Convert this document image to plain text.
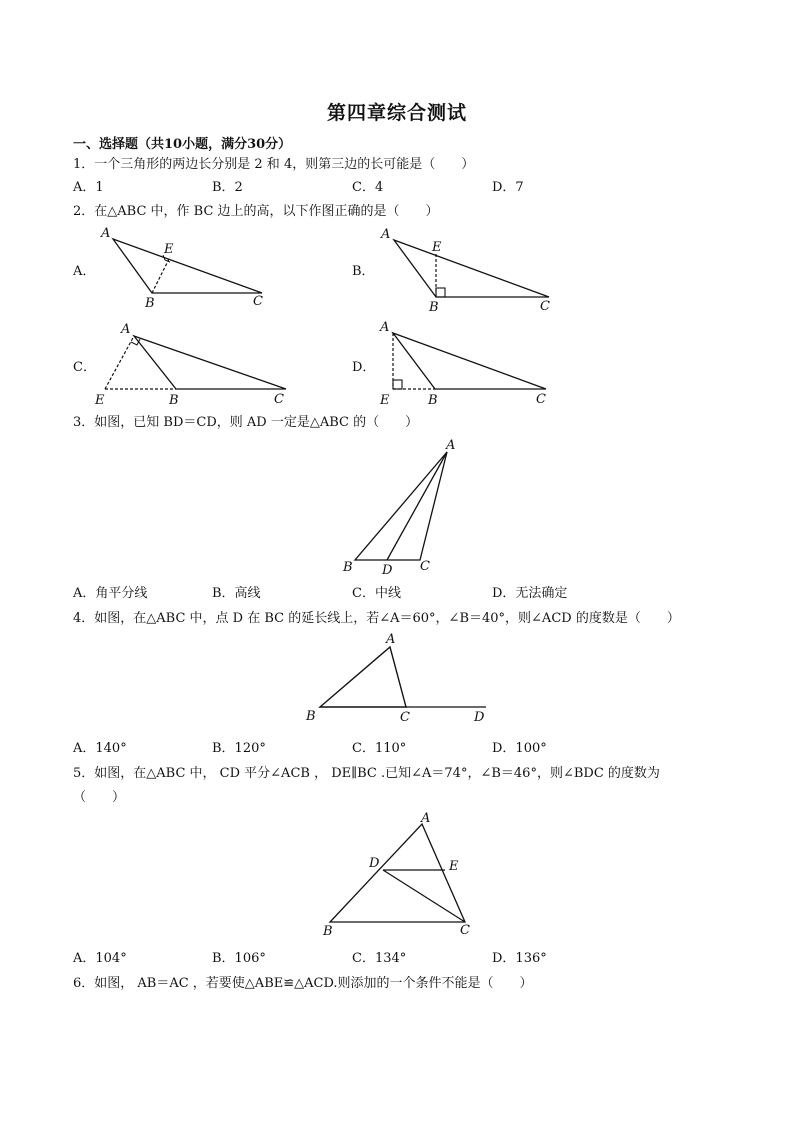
第四章综合测试
一、选择题（共10小题，满分30分）
1．一个三角形的两边长分别是 2 和 4，则第三边的长可能是（　　）
A．1	B．2	C．4	D．7
2．在△ABC 中，作 BC 边上的高，以下作图正确的是（　　）
A．	B．
C．	D．
A
E
B	C
A
E
B	C
A
E	B	C
A
E	B	C
3．如图，已知 BD＝CD，则 AD 一定是△ABC 的（　　）
A
B D C
A．角平分线	B．高线	C．中线	D．无法确定
4．如图，在△ABC 中，点 D 在 BC 的延长线上，若∠A＝60°，∠B＝40°，则∠ACD 的度数是（　　）
A
B	C	D
A．140°	B．120°	C．110°	D．100°
5．如图，在△ABC 中， CD 平分∠ACB ， DE∥BC .已知∠A＝74°，∠B＝46°，则∠BDC 的度数为
（　　）
A
D	E
B	C
A．104°	B．106°	C．134°	D．136°
6．如图， AB＝AC ，若要使△ABE≌△ACD.则添加的一个条件不能是（　　）
